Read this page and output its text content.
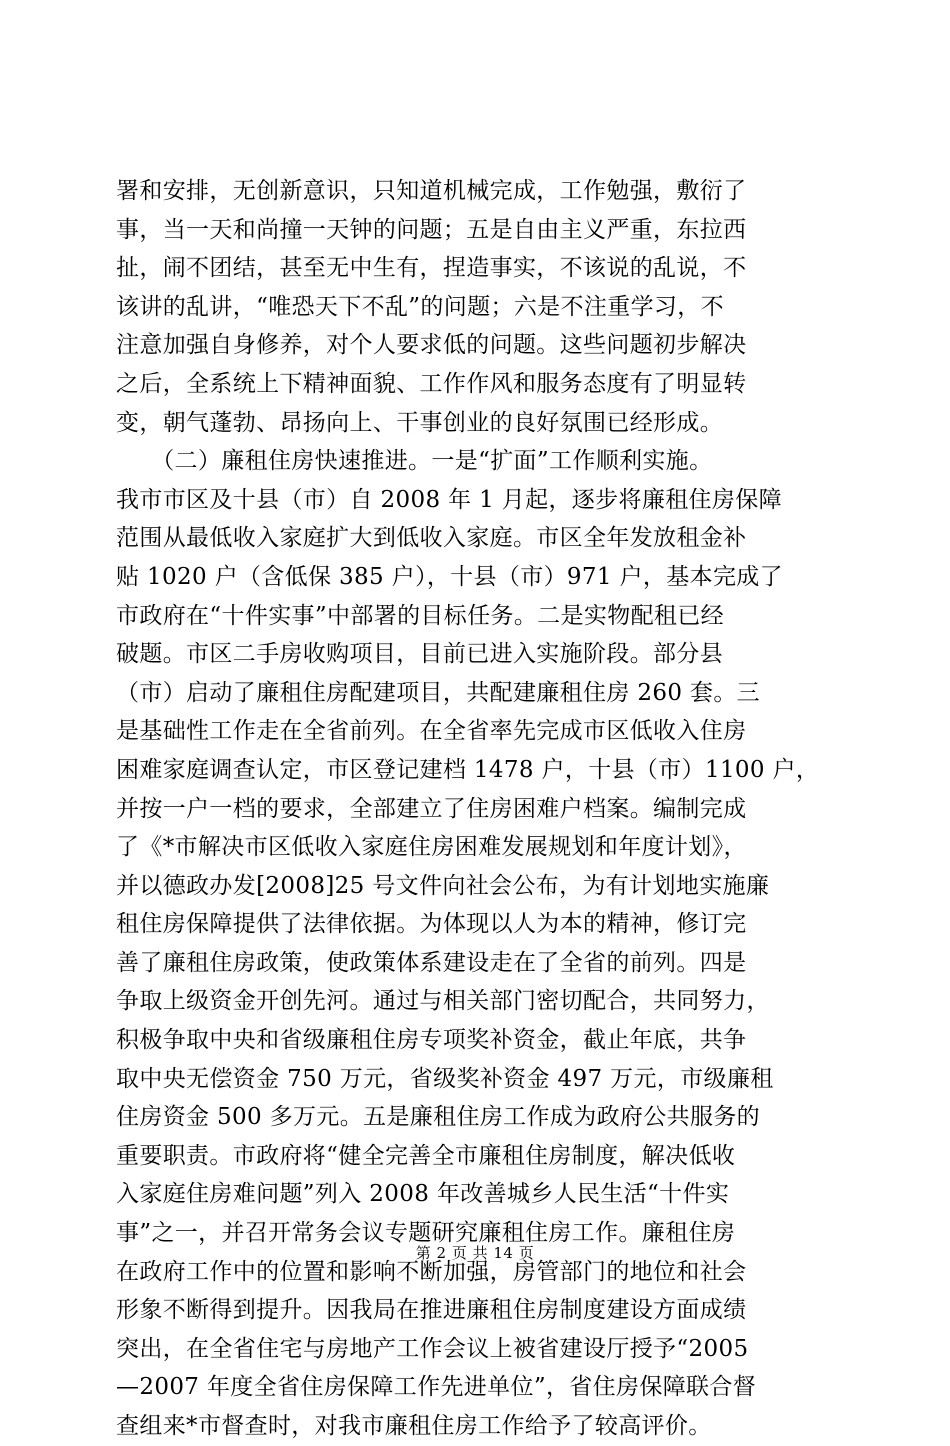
署和安排，无创新意识，只知道机械完成，工作勉强，敷衍了
事，当一天和尚撞一天钟的问题；五是自由主义严重，东拉西
扯，闹不团结，甚至无中生有，捏造事实，不该说的乱说，不
该讲的乱讲，“唯恐天下不乱”的问题；六是不注重学习，不
注意加强自身修养，对个人要求低的问题。这些问题初步解决
之后，全系统上下精神面貌、工作作风和服务态度有了明显转
变，朝气蓬勃、昂扬向上、干事创业的良好氛围已经形成。
　　（二）廉租住房快速推进。一是“扩面”工作顺利实施。
我市市区及十县（市）自 2008 年 1 月起，逐步将廉租住房保障
范围从最低收入家庭扩大到低收入家庭。市区全年发放租金补
贴 1020 户（含低保 385 户），十县（市）971 户，基本完成了
市政府在“十件实事”中部署的目标任务。二是实物配租已经
破题。市区二手房收购项目，目前已进入实施阶段。部分县
（市）启动了廉租住房配建项目，共配建廉租住房 260 套。三
是基础性工作走在全省前列。在全省率先完成市区低收入住房
困难家庭调查认定，市区登记建档 1478 户，十县（市）1100 户，
并按一户一档的要求，全部建立了住房困难户档案。编制完成
了《*市解决市区低收入家庭住房困难发展规划和年度计划》，
并以德政办发[2008]25 号文件向社会公布，为有计划地实施廉
租住房保障提供了法律依据。为体现以人为本的精神，修订完
善了廉租住房政策，使政策体系建设走在了全省的前列。四是
争取上级资金开创先河。通过与相关部门密切配合，共同努力，
积极争取中央和省级廉租住房专项奖补资金，截止年底，共争
取中央无偿资金 750 万元，省级奖补资金 497 万元，市级廉租
住房资金 500 多万元。五是廉租住房工作成为政府公共服务的
重要职责。市政府将“健全完善全市廉租住房制度，解决低收
入家庭住房难问题”列入 2008 年改善城乡人民生活“十件实
事”之一，并召开常务会议专题研究廉租住房工作。廉租住房
在政府工作中的位置和影响不断加强，房管部门的地位和社会
形象不断得到提升。因我局在推进廉租住房制度建设方面成绩
突出，在全省住宅与房地产工作会议上被省建设厅授予“2005
—2007 年度全省住房保障工作先进单位”，省住房保障联合督
查组来*市督查时，对我市廉租住房工作给予了较高评价。
第 2 页 共 14 页
